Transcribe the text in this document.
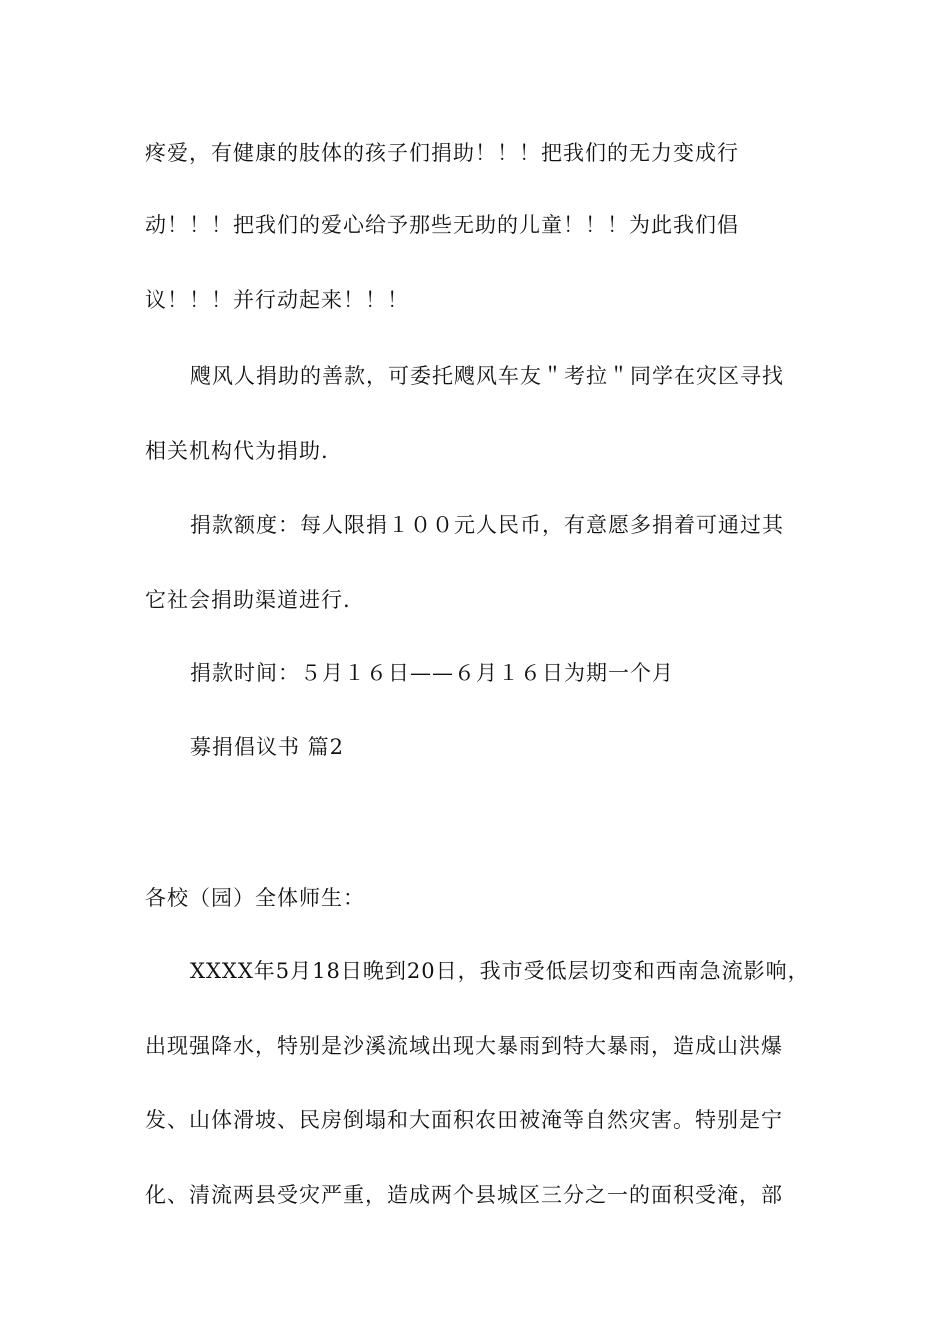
疼爱，有健康的肢体的孩子们捐助！！！把我们的无力变成行
动！！！把我们的爱心给予那些无助的儿童！！！为此我们倡
议！！！并行动起来！！！
飕风人捐助的善款，可委托飕风车友＂考拉＂同学在灾区寻找
相关机构代为捐助.
捐款额度：每人限捐１００元人民币，有意愿多捐着可通过其
它社会捐助渠道进行.
捐款时间：５月１６日——６月１６日为期一个月
募捐倡议书 篇2
各校（园）全体师生：
XXXX年5月18日晚到20日，我市受低层切变和西南急流影响，
出现强降水，特别是沙溪流域出现大暴雨到特大暴雨，造成山洪爆
发、山体滑坡、民房倒塌和大面积农田被淹等自然灾害。特别是宁
化、清流两县受灾严重，造成两个县城区三分之一的面积受淹，部
